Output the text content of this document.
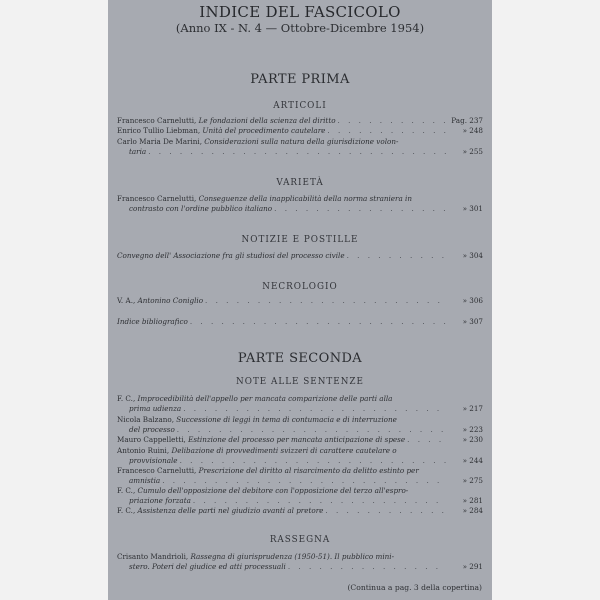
INDICE DEL FASCICOLO
(Anno IX - N. 4 — Ottobre-Dicembre 1954)
PARTE PRIMA
ARTICOLI
Francesco Carnelutti, Le fondazioni della scienza del diritto . . .	Pag. 237
Enrico Tullio Liebman, Unità del procedimento cautelare . . .	» 248
Carlo Maria De Marini, Considerazioni sulla natura della giurisdizione volon-
taria . . .	» 255
VARIETÀ
Francesco Carnelutti, Conseguenze della inapplicabilità della norma straniera in
contrasto con l'ordine pubblico italiano . . .	» 301
NOTIZIE E POSTILLE
Convegno dell' Associazione fra gli studiosi del processo civile . . .	» 304
NECROLOGIO
V. A., Antonino Coniglio . . .	» 306
Indice bibliografico . . .	» 307
PARTE SECONDA
NOTE ALLE SENTENZE
F. C., Improcedibilità dell'appello per mancata comparizione delle parti alla
prima udienza . . .	» 217
Nicola Balzano, Successione di leggi in tema di contumacia e di interruzione
del processo . . .	» 223
Mauro Cappelletti, Estinzione del processo per mancata anticipazione di spese . . .	» 230
Antonio Ruini, Delibazione di provvedimenti svizzeri di carattere cautelare o
provvisionale . . .	» 244
Francesco Carnelutti, Prescrizione del diritto al risarcimento da delitto estinto per
amnistia . . .	» 275
F. C., Cumulo dell'opposizione del debitore con l'opposizione del terzo all'espro-
priazione forzata . . .	» 281
F. C., Assistenza delle parti nel giudizio avanti al pretore . . .	» 284
RASSEGNA
Crisanto Mandrioli, Rassegna di giurisprudenza (1950-51). Il pubblico mini-
stero. Poteri del giudice ed atti processuali . . .	» 291
(Continua a pag. 3 della copertina)
